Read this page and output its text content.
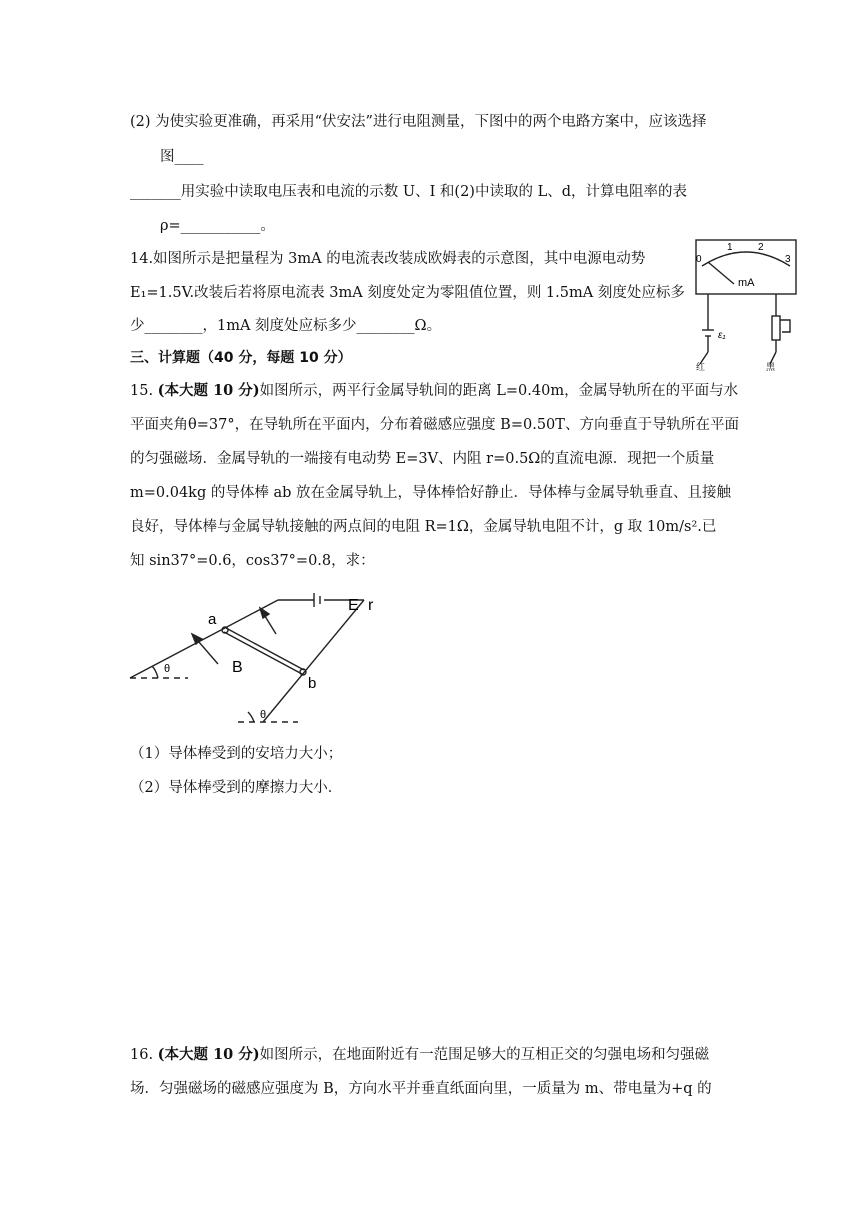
(2) 为使实验更准确，再采用“伏安法”进行电阻测量，下图中的两个电路方案中，应该选择
图____
_______用实验中读取电压表和电流的示数 U、I 和(2)中读取的 L、d，计算电阻率的表
ρ=___________。
14.如图所示是把量程为 3mA 的电流表改装成欧姆表的示意图，其中电源电动势
E₁=1.5V.改装后若将原电流表 3mA 刻度处定为零阻值位置，则 1.5mA 刻度处应标多
少________，1mA 刻度处应标多少________Ω。
0
1	2
3
mA
ε₁
红	黑
三、计算题（40 分，每题 10 分）
15. (本大题 10 分)如图所示，两平行金属导轨间的距离 L=0.40m，金属导轨所在的平面与水
平面夹角θ=37°，在导轨所在平面内，分布着磁感应强度 B=0.50T、方向垂直于导轨所在平面
的匀强磁场．金属导轨的一端接有电动势 E=3V、内阻 r=0.5Ω的直流电源．现把一个质量
m=0.04kg 的导体棒 ab 放在金属导轨上，导体棒恰好静止．导体棒与金属导轨垂直、且接触
良好，导体棒与金属导轨接触的两点间的电阻 R=1Ω，金属导轨电阻不计，g 取 10m/s².已
知 sin37°=0.6，cos37°=0.8，求：
a
b
B
E r
θ
θ
（1）导体棒受到的安培力大小；
（2）导体棒受到的摩擦力大小．
16. (本大题 10 分)如图所示，在地面附近有一范围足够大的互相正交的匀强电场和匀强磁
场．匀强磁场的磁感应强度为 B，方向水平并垂直纸面向里，一质量为 m、带电量为+q 的
